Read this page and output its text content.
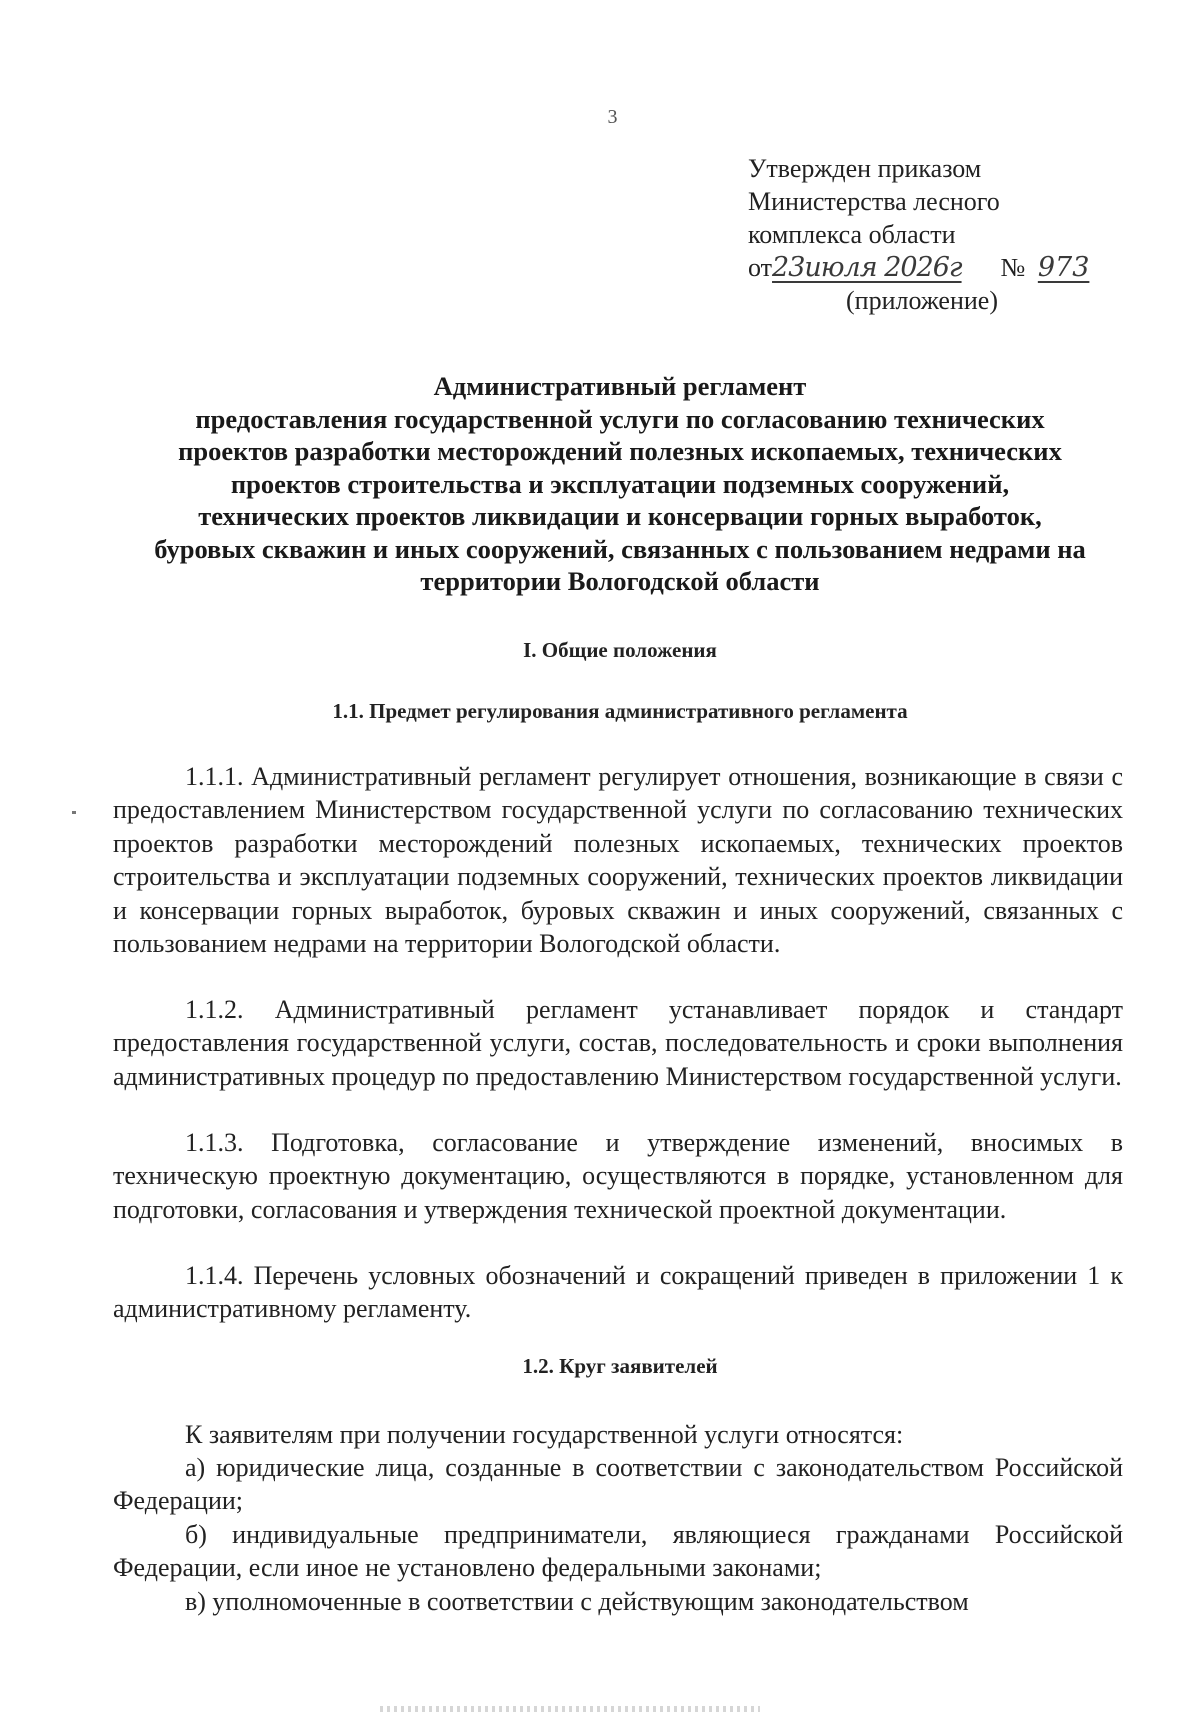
3
Утвержден приказом
Министерства лесного
комплекса области
от23июля 2026г № 973
(приложение)
Административный регламент
предоставления государственной услуги по согласованию технических
проектов разработки месторождений полезных ископаемых, технических
проектов строительства и эксплуатации подземных сооружений,
технических проектов ликвидации и консервации горных выработок,
буровых скважин и иных сооружений, связанных с пользованием недрами на
территории Вологодской области
I. Общие положения
1.1. Предмет регулирования административного регламента
1.1.1. Административный регламент регулирует отношения, возникающие в связи с предоставлением Министерством государственной услуги по согласованию технических проектов разработки месторождений полезных ископаемых, технических проектов строительства и эксплуатации подземных сооружений, технических проектов ликвидации и консервации горных выработок, буровых скважин и иных сооружений, связанных с пользованием недрами на территории Вологодской области.
1.1.2. Административный регламент устанавливает порядок и стандарт предоставления государственной услуги, состав, последовательность и сроки выполнения административных процедур по предоставлению Министерством государственной услуги.
1.1.3. Подготовка, согласование и утверждение изменений, вносимых в техническую проектную документацию, осуществляются в порядке, установленном для подготовки, согласования и утверждения технической проектной документации.
1.1.4. Перечень условных обозначений и сокращений приведен в приложении 1 к административному регламенту.
1.2. Круг заявителей
К заявителям при получении государственной услуги относятся:
а) юридические лица, созданные в соответствии с законодательством Российской Федерации;
б) индивидуальные предприниматели, являющиеся гражданами Российской Федерации, если иное не установлено федеральными законами;
в) уполномоченные в соответствии с действующим законодательством
